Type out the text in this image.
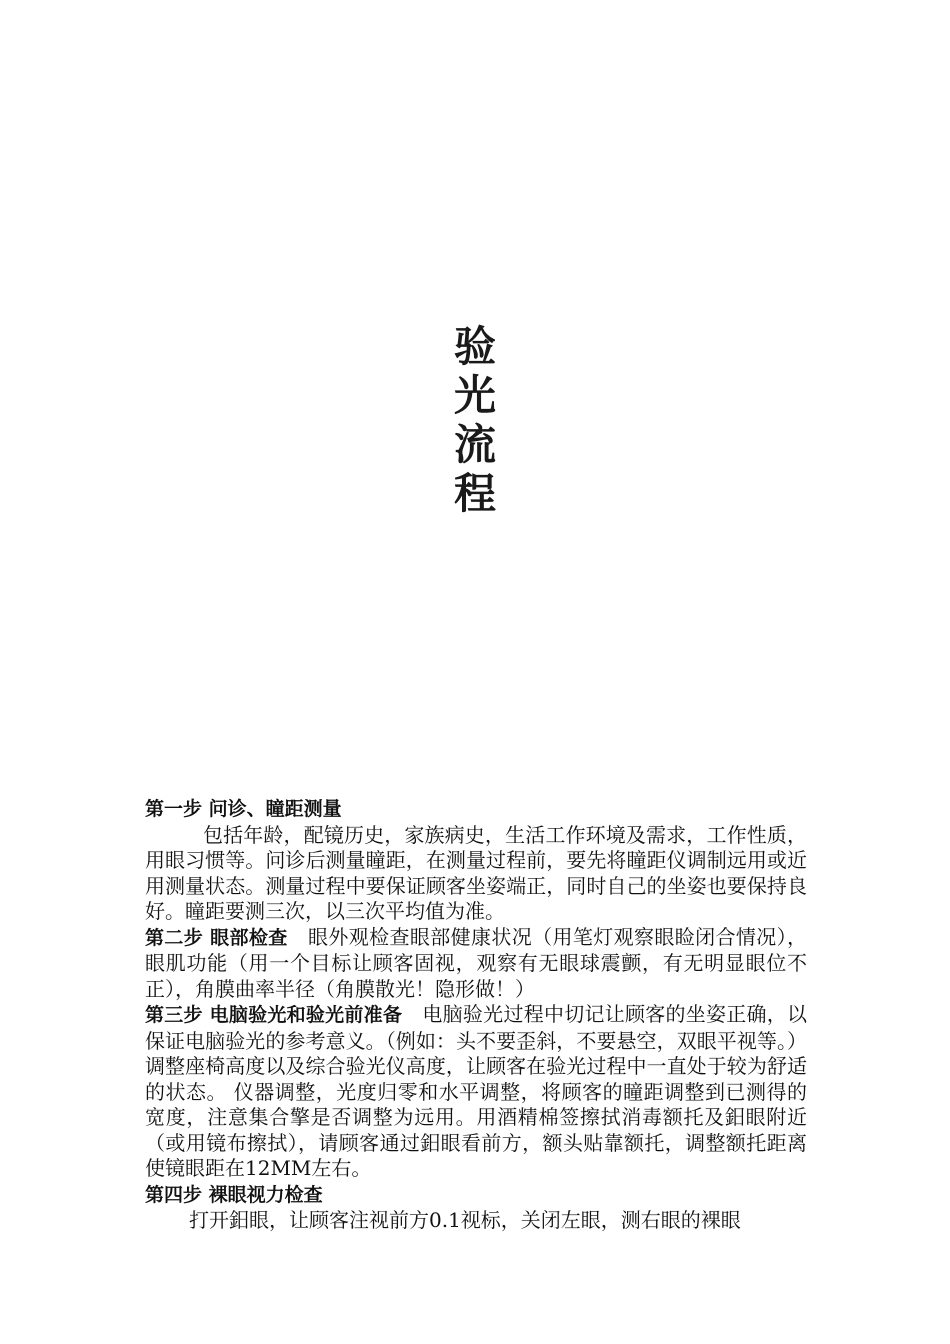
验
光
流
程

第一步 问诊、瞳距测量

包括年龄，配镜历史，家族病史，生活工作环境及需求，工作性质，用眼习惯等。问诊后测量瞳距，在测量过程前，要先将瞳距仪调制远用或近用测量状态。测量过程中要保证顾客坐姿端正，同时自己的坐姿也要保持良好。瞳距要测三次，以三次平均值为准。

第二步 眼部检查 眼外观检查眼部健康状况（用笔灯观察眼睑闭合情况），眼肌功能（用一个目标让顾客固视，观察有无眼球震颤，有无明显眼位不正），角膜曲率半径（角膜散光！隐形做！）

第三步 电脑验光和验光前准备 电脑验光过程中切记让顾客的坐姿正确，以保证电脑验光的参考意义。（例如：头不要歪斜，不要悬空，双眼平视等。） 调整座椅高度以及综合验光仪高度，让顾客在验光过程中一直处于较为舒适的状态。 仪器调整，光度归零和水平调整，将顾客的瞳距调整到已测得的宽度，注意集合擎是否调整为远用。用酒精棉签擦拭消毒额托及鈤眼附近（或用镜布擦拭），请顾客通过鈤眼看前方，额头贴靠额托，调整额托距离使镜眼距在12MM左右。

第四步 裸眼视力检查

打开鈤眼，让顾客注视前方0.1视标，关闭左眼，测右眼的裸眼
